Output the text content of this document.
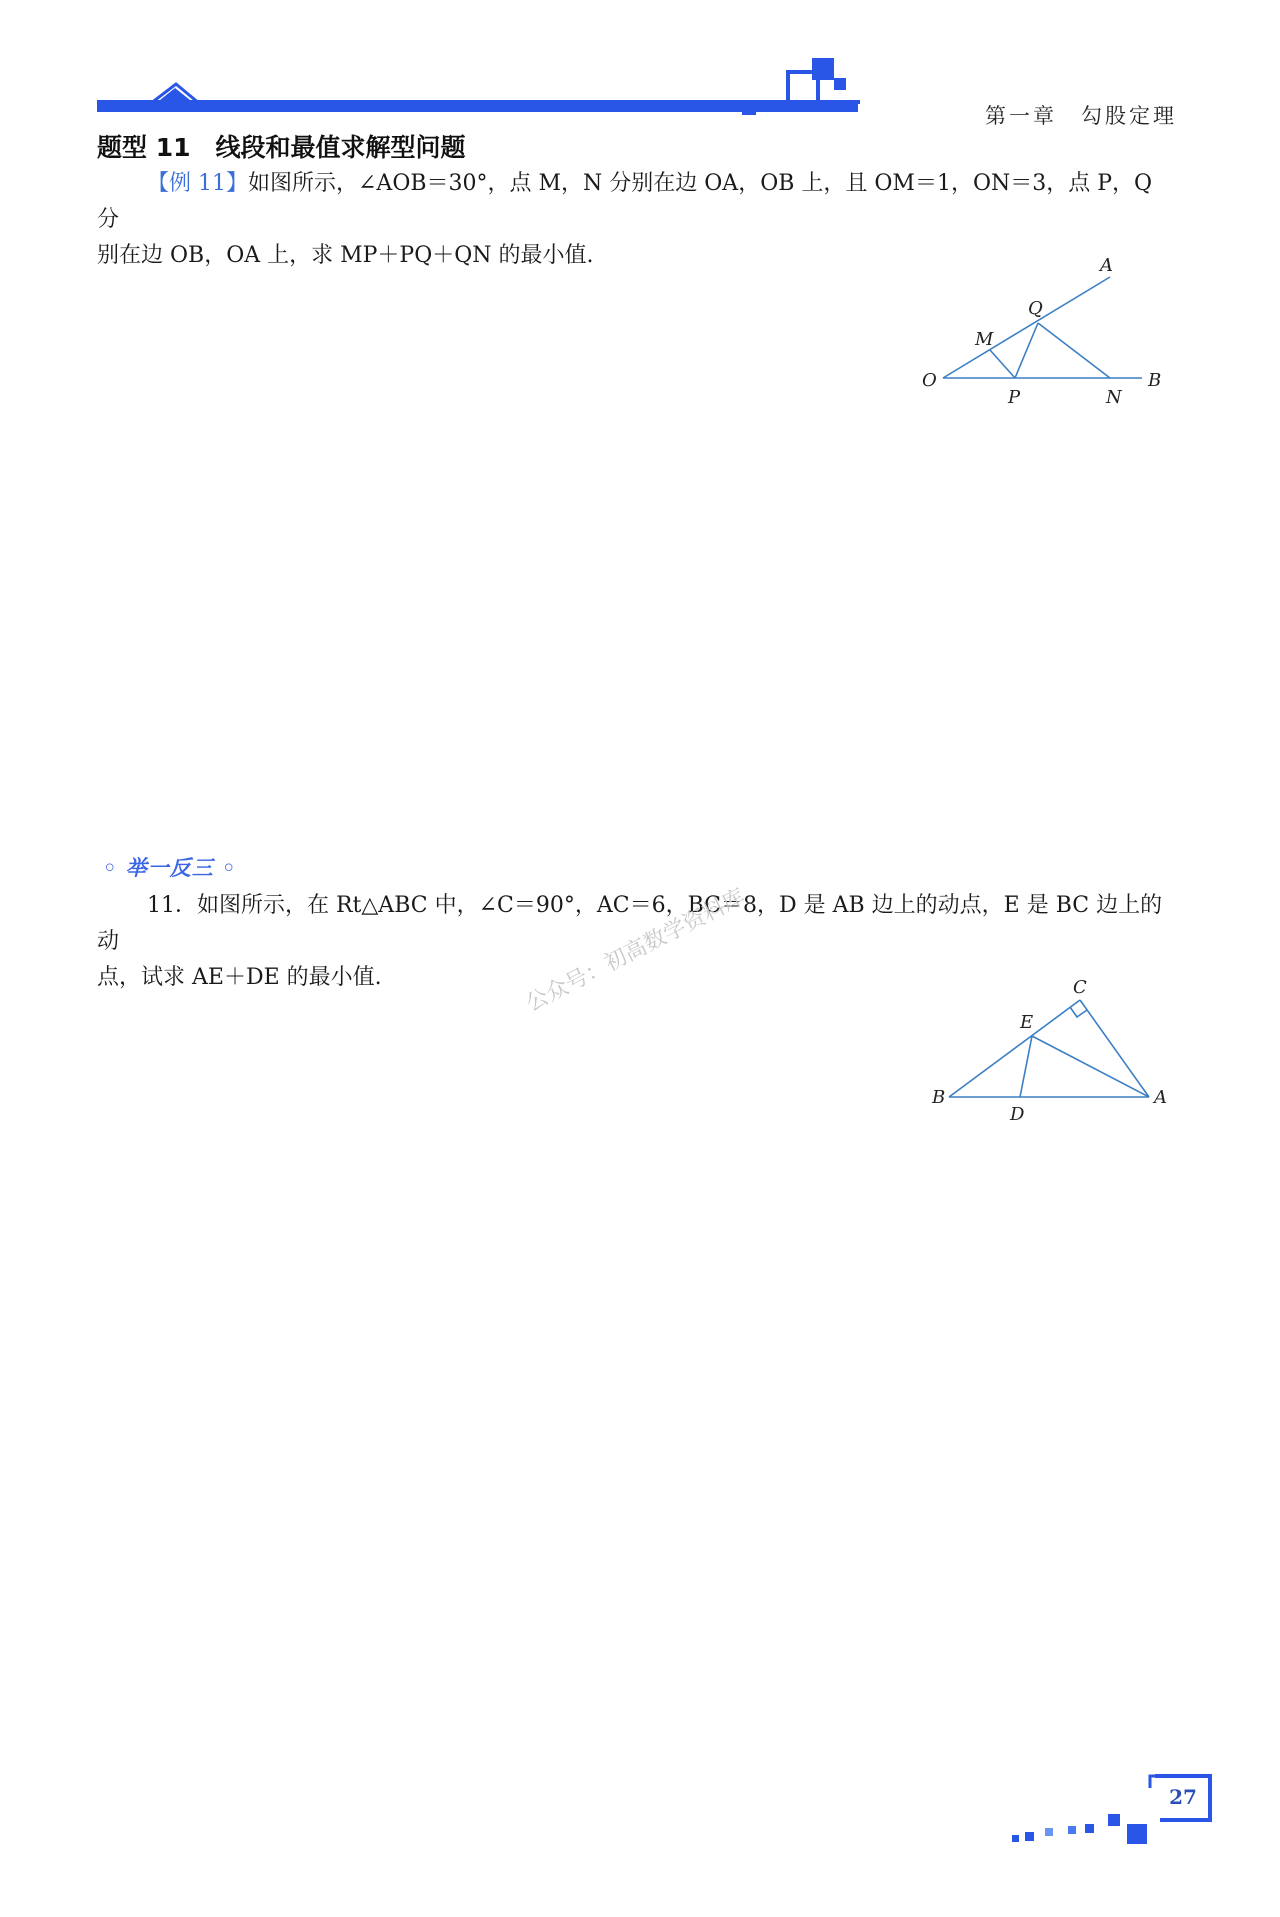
第一章　勾股定理
题型 11　线段和最值求解型问题
【例 11】如图所示，∠AOB＝30°，点 M，N 分别在边 OA，OB 上，且 OM＝1，ON＝3，点 P，Q 分
别在边 OB，OA 上，求 MP＋PQ＋QN 的最小值.	A
Q
M
O
P	N
B
◦ 举一反三 ◦
11．如图所示，在 Rt△ABC 中，∠C＝90°，AC＝6，BC＝8，D 是 AB 边上的动点，E 是 BC 边上的动
点，试求 AE＋DE 的最小值.	公众号：初高数学资料库	C
E
B
D
A
27
